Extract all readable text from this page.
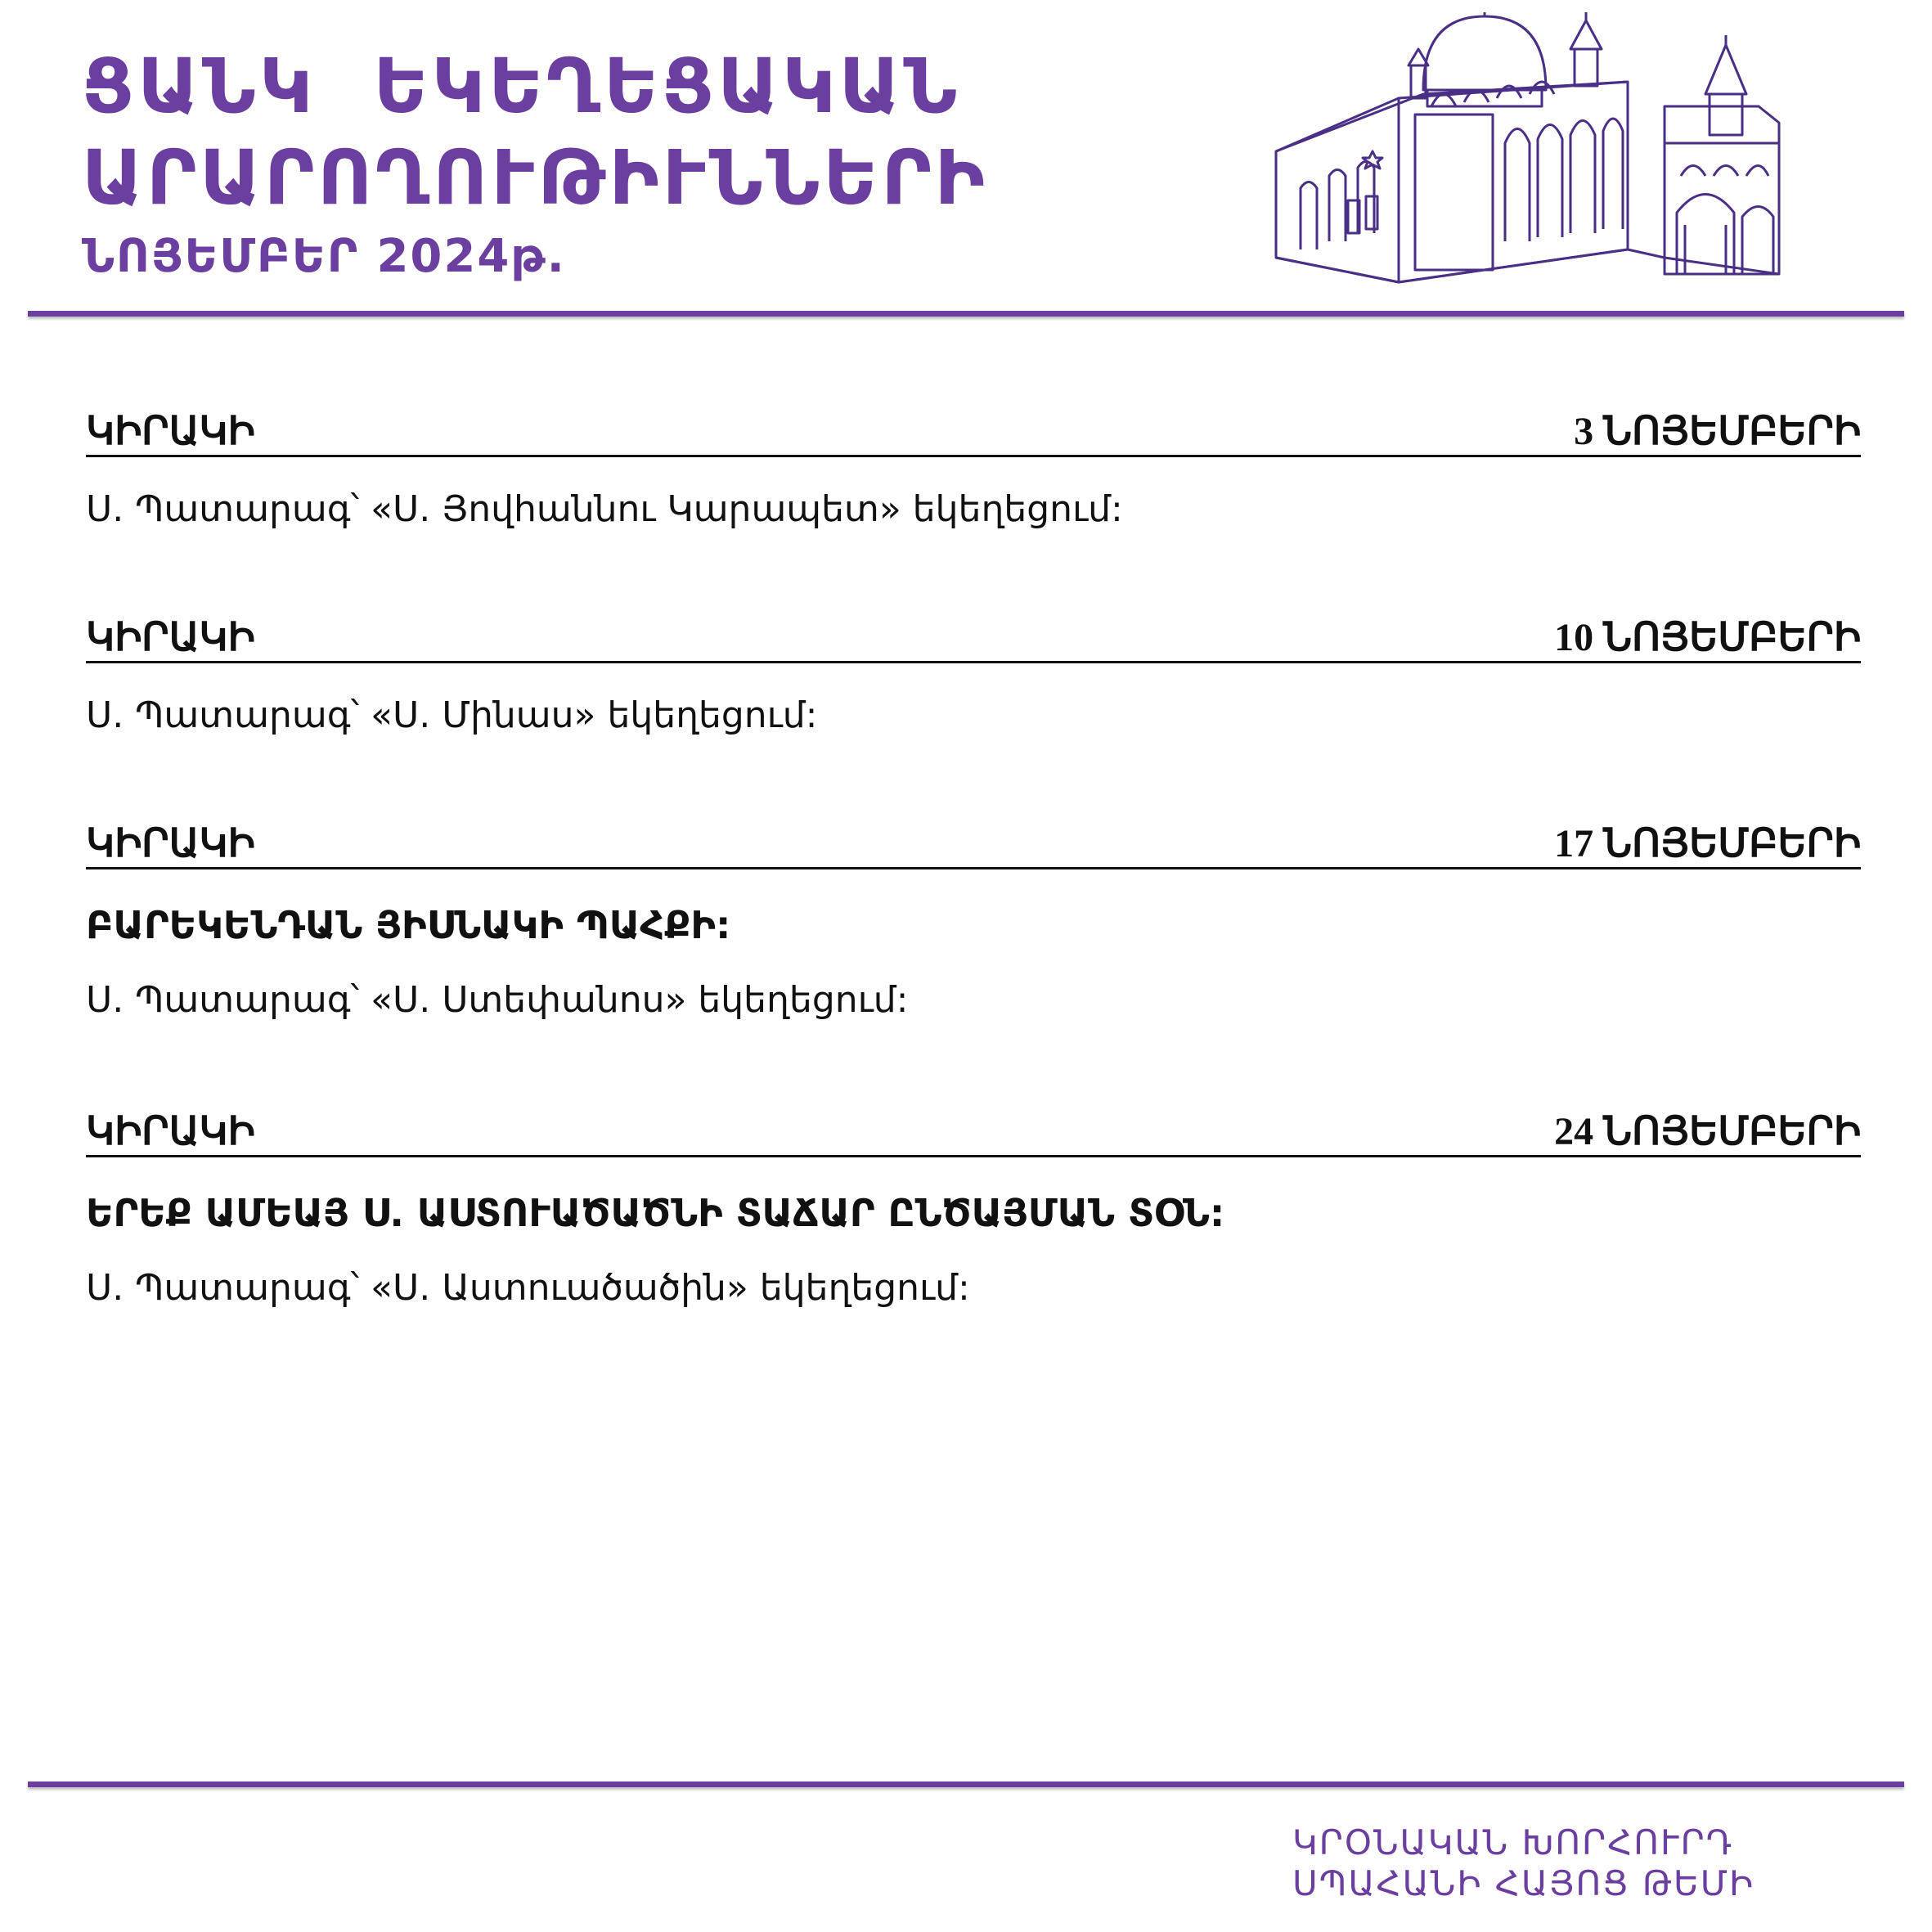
ՑԱՆԿ ԵԿԵՂԵՑԱԿԱՆ
ԱՐԱՐՈՂՈՒԹԻՒՆՆԵՐԻ
ՆՈՅԵՄԲԵՐ 2024թ.
ԿԻՐԱԿԻ	3 ՆՈՅԵՄԲԵՐԻ
Ս. Պատարագ՝ «Ս. Յովհաննու Կարապետ» եկեղեցում:
ԿԻՐԱԿԻ	10 ՆՈՅԵՄԲԵՐԻ
Ս. Պատարագ՝ «Ս. Մինաս» եկեղեցում:
ԿԻՐԱԿԻ	17 ՆՈՅԵՄԲԵՐԻ
ԲԱՐԵԿԵՆԴԱՆ ՅԻՍՆԱԿԻ ՊԱՀՔԻ:
Ս. Պատարագ՝ «Ս. Ստեփանոս» եկեղեցում:
ԿԻՐԱԿԻ	24 ՆՈՅԵՄԲԵՐԻ
ԵՐԵՔ ԱՄԵԱՅ Ս. ԱՍՏՈՒԱԾԱԾՆԻ ՏԱՃԱՐ ԸՆԾԱՅՄԱՆ ՏՕՆ:
Ս. Պատարագ՝ «Ս. Աստուածածին» եկեղեցում:
ԿՐՕՆԱԿԱՆ ԽՈՐՀՈՒՐԴ
ՍՊԱՀԱՆԻ ՀԱՅՈՑ ԹԵՄԻ
